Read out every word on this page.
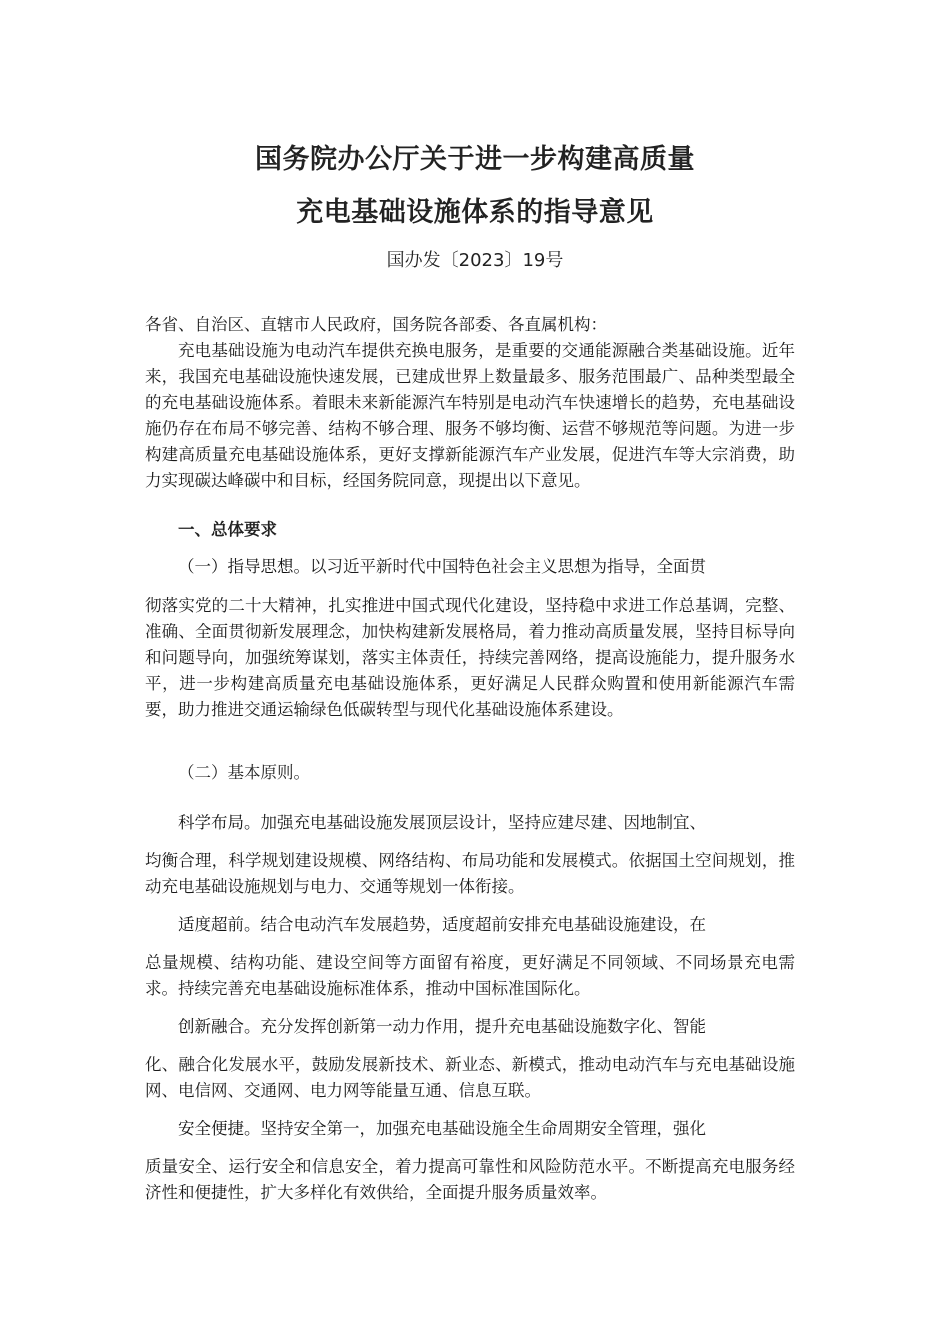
国务院办公厅关于进一步构建高质量
充电基础设施体系的指导意见
国办发〔2023〕19号

各省、自治区、直辖市人民政府，国务院各部委、各直属机构：

充电基础设施为电动汽车提供充换电服务，是重要的交通能源融合类基础设施。近年来，我国充电基础设施快速发展，已建成世界上数量最多、服务范围最广、品种类型最全的充电基础设施体系。着眼未来新能源汽车特别是电动汽车快速增长的趋势，充电基础设施仍存在布局不够完善、结构不够合理、服务不够均衡、运营不够规范等问题。为进一步构建高质量充电基础设施体系，更好支撑新能源汽车产业发展，促进汽车等大宗消费，助力实现碳达峰碳中和目标，经国务院同意，现提出以下意见。

一、总体要求

（一）指导思想。以习近平新时代中国特色社会主义思想为指导，全面贯

彻落实党的二十大精神，扎实推进中国式现代化建设，坚持稳中求进工作总基调，完整、准确、全面贯彻新发展理念，加快构建新发展格局，着力推动高质量发展，坚持目标导向和问题导向，加强统筹谋划，落实主体责任，持续完善网络，提高设施能力，提升服务水平，进一步构建高质量充电基础设施体系，更好满足人民群众购置和使用新能源汽车需要，助力推进交通运输绿色低碳转型与现代化基础设施体系建设。

（二）基本原则。

科学布局。加强充电基础设施发展顶层设计，坚持应建尽建、因地制宜、

均衡合理，科学规划建设规模、网络结构、布局功能和发展模式。依据国土空间规划，推动充电基础设施规划与电力、交通等规划一体衔接。

适度超前。结合电动汽车发展趋势，适度超前安排充电基础设施建设，在

总量规模、结构功能、建设空间等方面留有裕度，更好满足不同领域、不同场景充电需求。持续完善充电基础设施标准体系，推动中国标准国际化。

创新融合。充分发挥创新第一动力作用，提升充电基础设施数字化、智能

化、融合化发展水平，鼓励发展新技术、新业态、新模式，推动电动汽车与充电基础设施网、电信网、交通网、电力网等能量互通、信息互联。

安全便捷。坚持安全第一，加强充电基础设施全生命周期安全管理，强化

质量安全、运行安全和信息安全，着力提高可靠性和风险防范水平。不断提高充电服务经济性和便捷性，扩大多样化有效供给，全面提升服务质量效率。
